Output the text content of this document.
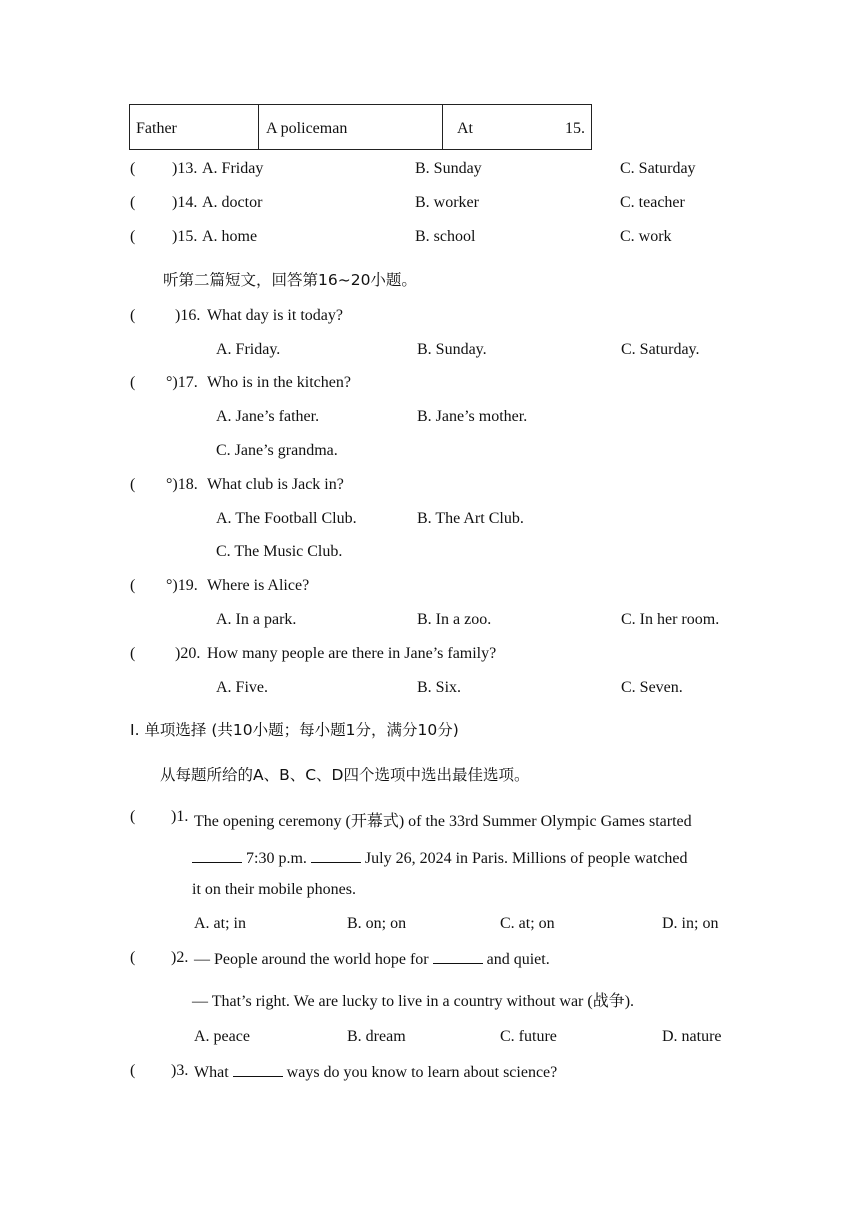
Father	A policeman	At	15.
( )13. A. Friday	B. Sunday	C. Saturday
( )14. A. doctor	B. worker	C. teacher
( )15. A. home	B. school	C. work
听第二篇短文，回答第16~20小题。
( )16. What day is it today?
A. Friday.	B. Sunday.	C. Saturday.
( °)17. Who is in the kitchen?
A. Jane’s father.	B. Jane’s mother.
C. Jane’s grandma.
( °)18. What club is Jack in?
A. The Football Club.	B. The Art Club.
C. The Music Club.
( °)19. Where is Alice?
A. In a park.	B. In a zoo.	C. In her room.
( )20. How many people are there in Jane’s family?
A. Five.	B. Six.	C. Seven.
I. 单项选择 (共10小题；每小题1分，满分10分)
从每题所给的A、B、C、D四个选项中选出最佳选项。
( )1. The opening ceremony (开幕式) of the 33rd Summer Olympic Games started
7:30 p.m.	July 26, 2024 in Paris. Millions of people watched
it on their mobile phones.
A. at; in	B. on; on	C. at; on	D. in; on
( )2. — People around the world hope for	and quiet.
— That’s right. We are lucky to live in a country without war (战争).
A. peace	B. dream	C. future	D. nature
( )3. What	ways do you know to learn about science?
